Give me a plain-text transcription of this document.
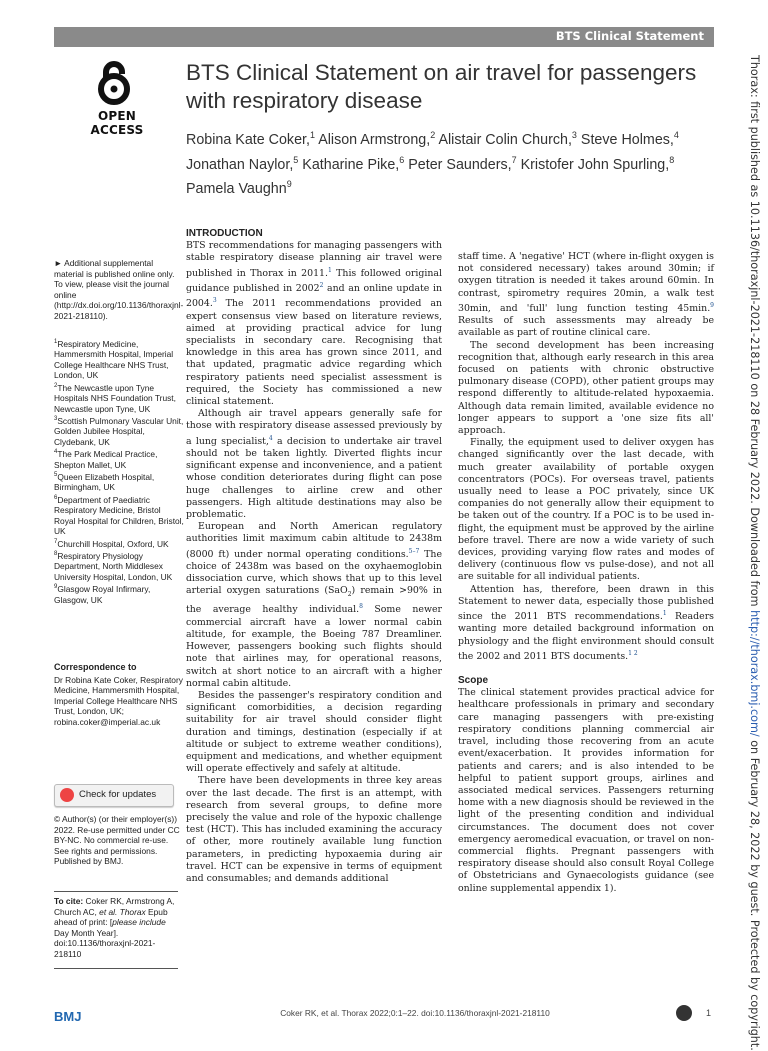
BTS Clinical Statement
OPEN ACCESS
BTS Clinical Statement on air travel for passengers with respiratory disease
Robina Kate Coker,$^1$ Alison Armstrong,$^2$ Alistair Colin Church,$^3$ Steve Holmes,$^4$
Jonathan Naylor,$^5$ Katharine Pike,$^6$ Peter Saunders,$^7$ Kristofer John Spurling,$^8$
Pamela Vaughn$^9$
► Additional supplemental material is published online only. To view, please visit the journal online (http://dx.doi.org/10.1136/thoraxjnl-2021-218110).
$^1$Respiratory Medicine, Hammersmith Hospital, Imperial College Healthcare NHS Trust, London, UK
$^2$The Newcastle upon Tyne Hospitals NHS Foundation Trust, Newcastle upon Tyne, UK
$^3$Scottish Pulmonary Vascular Unit, Golden Jubilee Hospital, Clydebank, UK
$^4$The Park Medical Practice, Shepton Mallet, UK
$^5$Queen Elizabeth Hospital, Birmingham, UK
$^6$Department of Paediatric Respiratory Medicine, Bristol Royal Hospital for Children, Bristol, UK
$^7$Churchill Hospital, Oxford, UK
$^8$Respiratory Physiology Department, North Middlesex University Hospital, London, UK
$^9$Glasgow Royal Infirmary, Glasgow, UK
Correspondence to
Dr Robina Kate Coker, Respiratory Medicine, Hammersmith Hospital, Imperial College Healthcare NHS Trust, London, UK; robina.coker@imperial.ac.uk
Check for updates
© Author(s) (or their employer(s)) 2022. Re-use permitted under CC BY-NC. No commercial re-use. See rights and permissions. Published by BMJ.
To cite: Coker RK, Armstrong A, Church AC, et al. Thorax Epub ahead of print: [please include Day Month Year]. doi:10.1136/thoraxjnl-2021-218110
INTRODUCTION

BTS recommendations for managing passengers with stable respiratory disease planning air travel were published in Thorax in 2011.$^1$ This followed original guidance published in 2002$^2$ and an online update in 2004.$^3$ The 2011 recommendations provided an expert consensus view based on literature reviews, aimed at providing practical advice for lung specialists in secondary care. Recognising that knowledge in this area has grown since 2011, and that updated, pragmatic advice regarding which respiratory patients need specialist assessment is required, the Society has commissioned a new clinical statement.

Although air travel appears generally safe for those with respiratory disease assessed previously by a lung specialist,$^4$ a decision to undertake air travel should not be taken lightly. Diverted flights incur significant expense and inconvenience, and a patient whose condition deteriorates during flight can pose huge challenges to airline crew and other passengers. High altitude destinations may also be problematic.

European and North American regulatory authorities limit maximum cabin altitude to 2438m (8000 ft) under normal operating conditions.$^{5-7}$ The choice of 2438m was based on the oxyhaemoglobin dissociation curve, which shows that up to this level arterial oxygen saturations (SaO$_2$) remain >90% in the average healthy individual.$^8$ Some newer commercial aircraft have a lower normal cabin altitude, for example, the Boeing 787 Dreamliner. However, passengers booking such flights should note that airlines may, for operational reasons, switch at short notice to an aircraft with a higher normal cabin altitude.

Besides the passenger's respiratory condition and significant comorbidities, a decision regarding suitability for air travel should consider flight duration and timings, destination (especially if at altitude or subject to extreme weather conditions), equipment and medications, and whether equipment will operate effectively and safely at altitude.

There have been developments in three key areas over the last decade. The first is an attempt, with research from several groups, to define more precisely the value and role of the hypoxic challenge test (HCT). This has included examining the accuracy of other, more routinely available lung function parameters, in predicting hypoxaemia during air travel. HCT can be expensive in terms of equipment and consumables; and demands additional

staff time. A 'negative' HCT (where in-flight oxygen is not considered necessary) takes around 30min; if oxygen titration is needed it takes around 60min. In contrast, spirometry requires 20min, a walk test 30min, and 'full' lung function testing 45min.$^9$ Results of such assessments may already be available as part of routine clinical care.

The second development has been increasing recognition that, although early research in this area focused on patients with chronic obstructive pulmonary disease (COPD), other patient groups may respond differently to altitude-related hypoxaemia. Although data remain limited, available evidence no longer appears to support a 'one size fits all' approach.

Finally, the equipment used to deliver oxygen has changed significantly over the last decade, with much greater availability of portable oxygen concentrators (POCs). For overseas travel, patients usually need to lease a POC privately, since UK companies do not generally allow their equipment to be taken out of the country. If a POC is to be used in-flight, the equipment must be approved by the airline before travel. There are now a wide variety of such devices, providing varying flow rates and modes of delivery (continuous flow vs pulse-dose), and not all are suitable for all individual patients.

Attention has, therefore, been drawn in this Statement to newer data, especially those published since the 2011 BTS recommendations.$^1$ Readers wanting more detailed background information on physiology and the flight environment should consult the 2002 and 2011 BTS documents.$^{1 2}$

Scope

The clinical statement provides practical advice for healthcare professionals in primary and secondary care managing passengers with pre-existing respiratory conditions planning commercial air travel, including those recovering from an acute event/exacerbation. It provides information for patients and carers; and is also intended to be helpful to patient support groups, airlines and associated medical services. Passengers returning home with a new diagnosis should be reviewed in the light of the presenting condition and individual circumstances. The document does not cover emergency aeromedical evacuation, or travel on non-commercial flights. Pregnant passengers with respiratory disease should also consult Royal College of Obstetricians and Gynaecologists guidance (see online supplemental appendix 1).

BMJ	Coker RK, et al. Thorax 2022;0:1–22. doi:10.1136/thoraxjnl-2021-218110	1
Thorax: first published as 10.1136/thoraxjnl-2021-218110 on 28 February 2022. Downloaded from http://thorax.bmj.com/ on February 28, 2022 by guest. Protected by copyright.
